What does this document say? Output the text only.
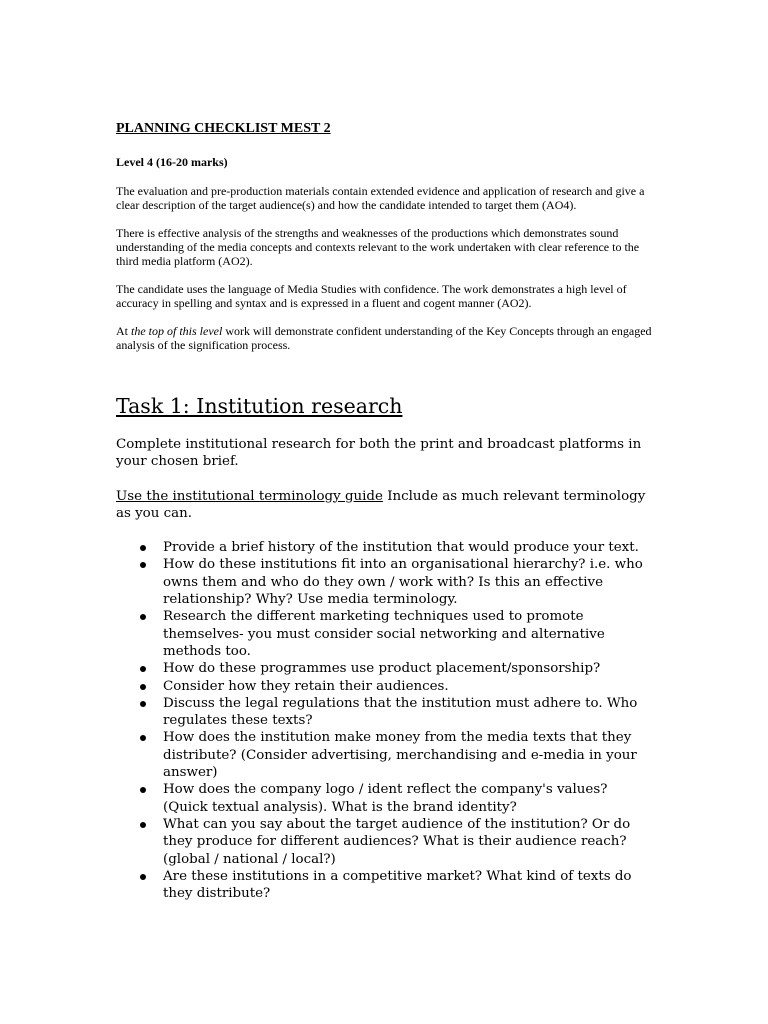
PLANNING CHECKLIST MEST 2
Level 4 (16-20 marks)

The evaluation and pre-production materials contain extended evidence and application of research and give a clear description of the target audience(s) and how the candidate intended to target them (AO4).

There is effective analysis of the strengths and weaknesses of the productions which demonstrates sound understanding of the media concepts and contexts relevant to the work undertaken with clear reference to the third media platform (AO2).

The candidate uses the language of Media Studies with confidence. The work demonstrates a high level of accuracy in spelling and syntax and is expressed in a fluent and cogent manner (AO2).

At the top of this level work will demonstrate confident understanding of the Key Concepts through an engaged analysis of the signification process.

Task 1: Institution research
Complete institutional research for both the print and broadcast platforms in your chosen brief.
Use the institutional terminology guide Include as much relevant terminology as you can.
Provide a brief history of the institution that would produce your text.
How do these institutions fit into an organisational hierarchy? i.e. who owns them and who do they own / work with? Is this an effective relationship? Why? Use media terminology.
Research the different marketing techniques used to promote themselves- you must consider social networking and alternative methods too.
How do these programmes use product placement/sponsorship?
Consider how they retain their audiences.
Discuss the legal regulations that the institution must adhere to. Who regulates these texts?
How does the institution make money from the media texts that they distribute? (Consider advertising, merchandising and e-media in your answer)
How does the company logo / ident reflect the company's values? (Quick textual analysis). What is the brand identity?
What can you say about the target audience of the institution? Or do they produce for different audiences? What is their audience reach? (global / national / local?)
Are these institutions in a competitive market? What kind of texts do they distribute?
